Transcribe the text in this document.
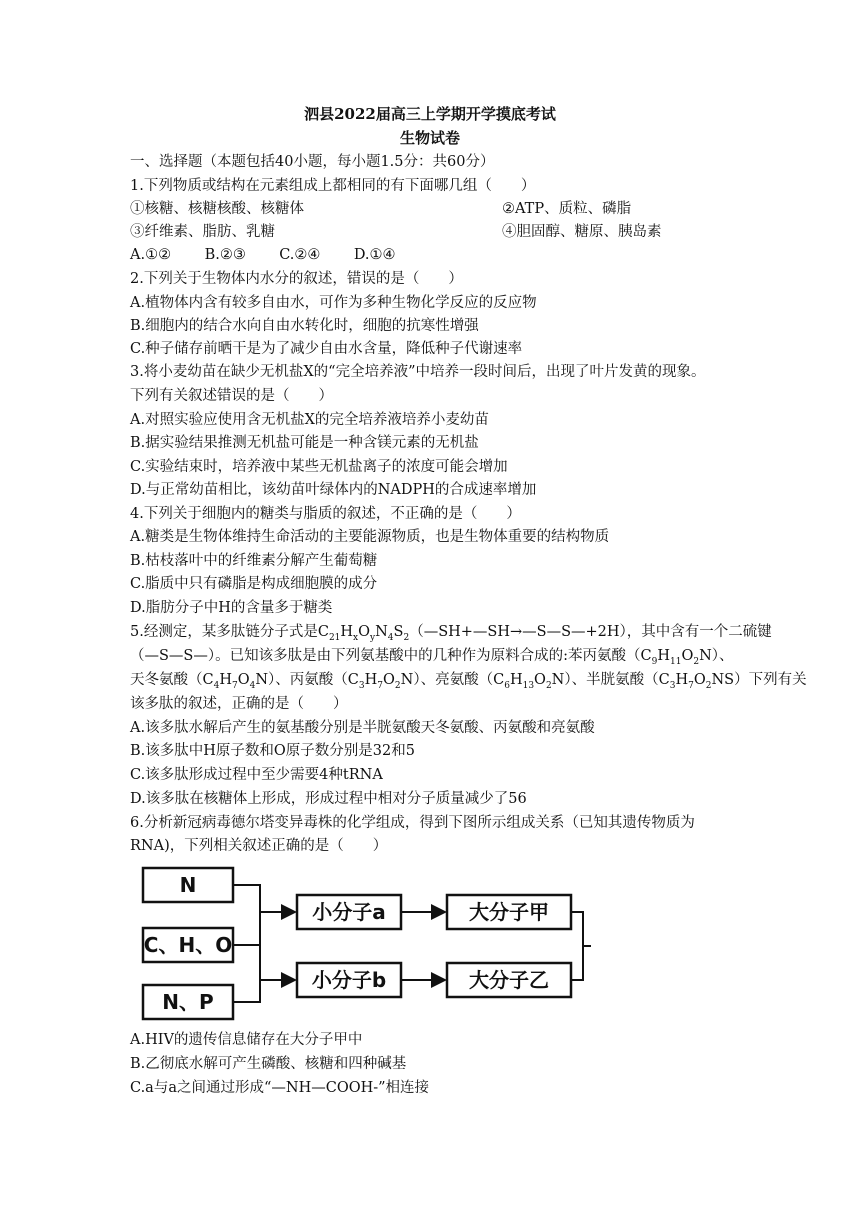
泗县2022届高三上学期开学摸底考试
生物试卷
一、选择题（本题包括40小题，每小题1.5分：共60分）
1.下列物质或结构在元素组成上都相同的有下面哪几组（　　）
①核糖、核糖核酸、核糖体	②ATP、质粒、磷脂
③纤维素、脂肪、乳糖	④胆固醇、糖原、胰岛素
A.①② B.②③ C.②④ D.①④
2.下列关于生物体内水分的叙述，错误的是（　　）
A.植物体内含有较多自由水，可作为多种生物化学反应的反应物
B.细胞内的结合水向自由水转化时，细胞的抗寒性增强
C.种子储存前晒干是为了减少自由水含量，降低种子代谢速率
3.将小麦幼苗在缺少无机盐X的“完全培养液”中培养一段时间后，出现了叶片发黄的现象。
下列有关叙述错误的是（　　）
A.对照实验应使用含无机盐X的完全培养液培养小麦幼苗
B.据实验结果推测无机盐可能是一种含镁元素的无机盐
C.实验结束时，培养液中某些无机盐离子的浓度可能会增加
D.与正常幼苗相比，该幼苗叶绿体内的NADPH的合成速率增加
4.下列关于细胞内的糖类与脂质的叙述，不正确的是（　　）
A.糖类是生物体维持生命活动的主要能源物质，也是生物体重要的结构物质
B.枯枝落叶中的纤维素分解产生葡萄糖
C.脂质中只有磷脂是构成细胞膜的成分
D.脂肪分子中H的含量多于糖类
5.经测定，某多肽链分子式是$C_{21}H_xO_yN_4S_2(—SH+—SH\to—S—S—+2H)$，其中含有一个二硫键
（—S—S—）。已知该多肽是由下列氨基酸中的几种作为原料合成的:苯丙氨酸$(C_9H_{11}O_2N)$、
天冬氨酸$(C_4H_7O_4N)$、丙氨酸$(C_3H_7O_2N)$、亮氨酸$(C_6H_{13}O_2N)$、半胱氨酸$(C_3H_7O_2NS)$下列有关
该多肽的叙述，正确的是（　　）
A.该多肽水解后产生的氨基酸分别是半胱氨酸天冬氨酸、丙氨酸和亮氨酸
B.该多肽中H原子数和O原子数分别是32和5
C.该多肽形成过程中至少需要4种tRNA
D.该多肽在核糖体上形成，形成过程中相对分子质量减少了56
6.分析新冠病毒德尔塔变异毒株的化学组成，得到下图所示组成关系（已知其遗传物质为
RNA)，下列相关叙述正确的是（　　）
N
C、H、O
N、P
小分子a
小分子b
大分子甲
大分子乙
A.HIV的遗传信息储存在大分子甲中
B.乙彻底水解可产生磷酸、核糖和四种碱基
C.a与a之间通过形成“—NH—COOH-”相连接
